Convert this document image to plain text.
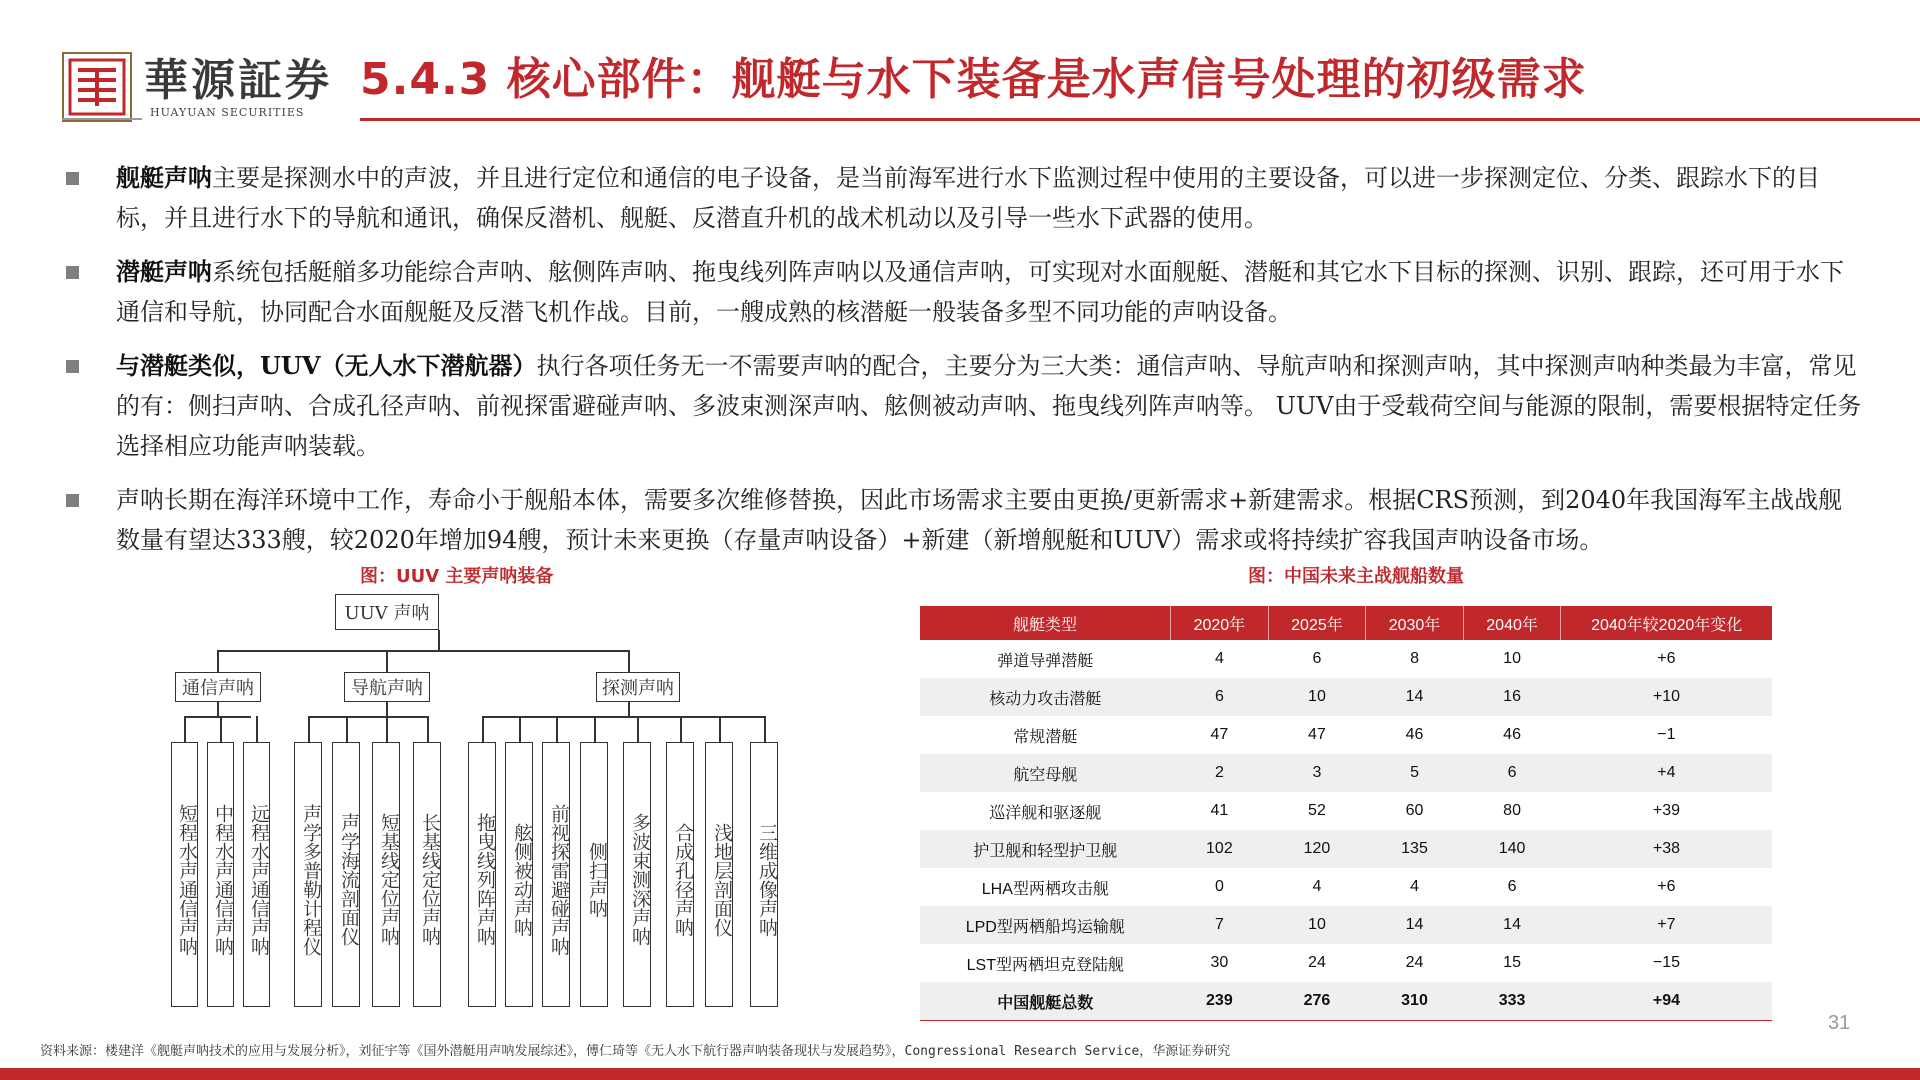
華源証券
HUAYUAN SECURITIES
5.4.3 核心部件：舰艇与水下装备是水声信号处理的初级需求
舰艇声呐主要是探测水中的声波，并且进行定位和通信的电子设备，是当前海军进行水下监测过程中使用的主要设备，可以进一步探测定位、分类、跟踪水下的目标，并且进行水下的导航和通讯，确保反潜机、舰艇、反潜直升机的战术机动以及引导一些水下武器的使用。
潜艇声呐系统包括艇艏多功能综合声呐、舷侧阵声呐、拖曳线列阵声呐以及通信声呐，可实现对水面舰艇、潜艇和其它水下目标的探测、识别、跟踪，还可用于水下通信和导航，协同配合水面舰艇及反潜飞机作战。目前，一艘成熟的核潜艇一般装备多型不同功能的声呐设备。
与潜艇类似，UUV（无人水下潜航器）执行各项任务无一不需要声呐的配合，主要分为三大类：通信声呐、导航声呐和探测声呐，其中探测声呐种类最为丰富，常见的有：侧扫声呐、合成孔径声呐、前视探雷避碰声呐、多波束测深声呐、舷侧被动声呐、拖曳线列阵声呐等。 UUV由于受载荷空间与能源的限制，需要根据特定任务选择相应功能声呐装载。
声呐长期在海洋环境中工作，寿命小于舰船本体，需要多次维修替换，因此市场需求主要由更换/更新需求+新建需求。根据CRS预测，到2040年我国海军主战战舰数量有望达333艘，较2020年增加94艘，预计未来更换（存量声呐设备）+新建（新增舰艇和UUV）需求或将持续扩容我国声呐设备市场。
图：UUV 主要声呐装备	图：中国未来主战舰船数量
UUV 声呐
通信声呐	导航声呐	探测声呐
短程水声通信声呐 中程水声通信声呐 远程水声通信声呐	声学多普勒计程仪 声学海流剖面仪 短基线定位声呐	长基线定位声呐	拖曳线列阵声呐 舷侧被动声呐 前视探雷避碰声呐 侧扫声呐	多波束测深声呐	合成孔径声呐 浅地层剖面仪	三维成像声呐
舰艇类型	2020年	2025年	2030年	2040年	2040年较2020年变化
弹道导弹潜艇	4	6	8	10	+6
核动力攻击潜艇	6	10	14	16	+10
常规潜艇	47	47	46	46	−1
航空母舰	2	3	5	6	+4
巡洋舰和驱逐舰	41	52	60	80	+39
护卫舰和轻型护卫舰	102	120	135	140	+38
LHA型两栖攻击舰	0	4	4	6	+6
LPD型两栖船坞运输舰	7	10	14	14	+7
LST型两栖坦克登陆舰	30	24	24	15	−15
中国舰艇总数	239	276	310	333	+94
31
资料来源：楼建洋《舰艇声呐技术的应用与发展分析》，刘征宇等《国外潜艇用声呐发展综述》，傅仁琦等《无人水下航行器声呐装备现状与发展趋势》，Congressional Research Service，华源证券研究
